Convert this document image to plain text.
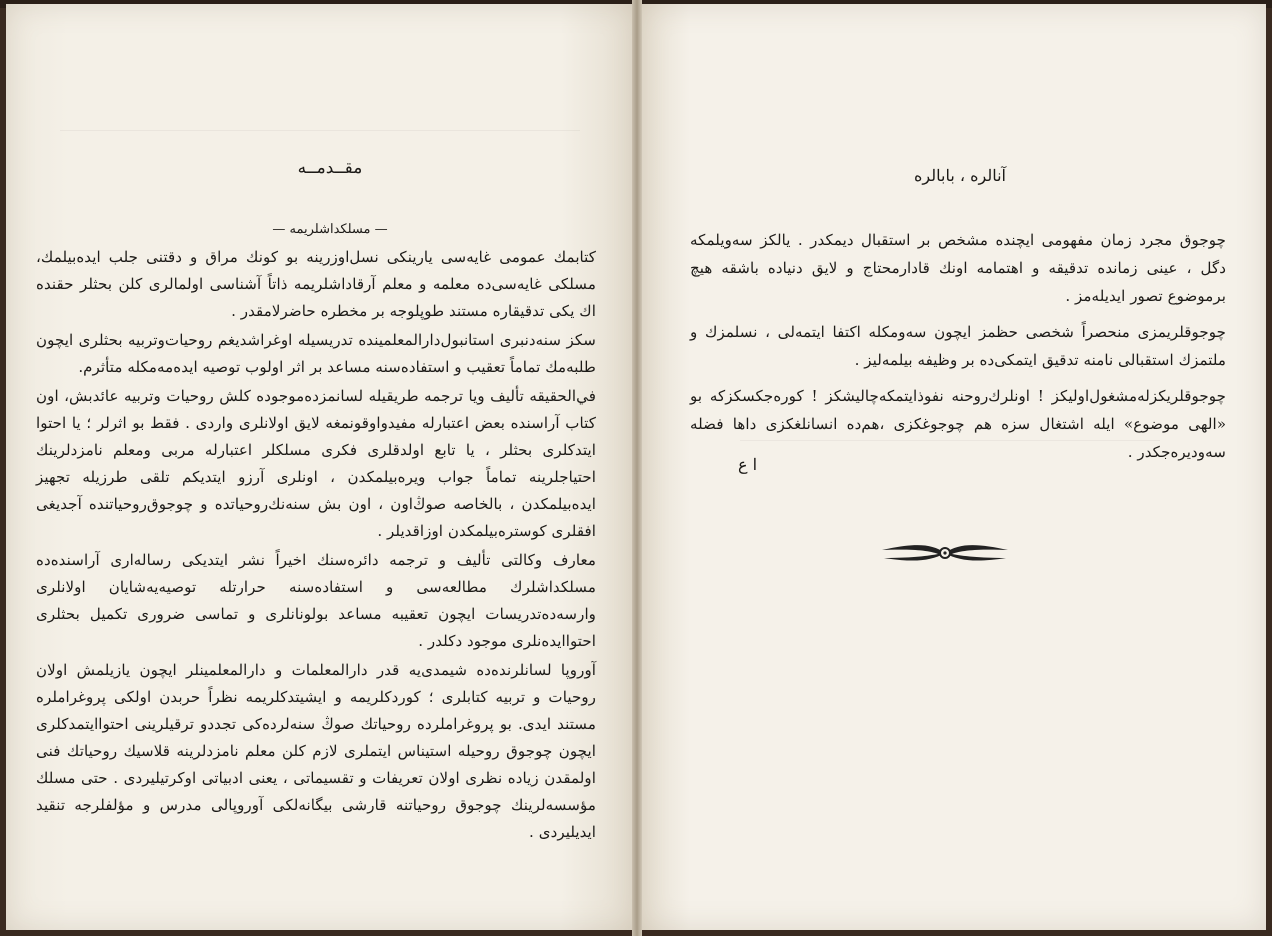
مقــدمــه
— مسلكداشلريمه —

كتابمك عمومى غايه‌سى يارينكى نسل‌اوزرينه بو كونك مراق و دقتنى جلب ايده‌بيلمك، مسلكى غايه‌سى‌ده معلمه و معلم آرقاداشلريمه ذاتاً آشناسى اولمالرى كلن بحثلر حقنده اك يكى تدقيقاره مستند طوپلوجه بر مخطره حاضرلامقدر .

سكز سنه‌دنبرى استانبول‌دارالمعلمينده تدريسيله اوغراشديغم روحيات‌وتربيه بحثلرى ايچون طلبه‌مك تماماً تعقيب و استفاده‌سنه مساعد بر اثر اولوب توصيه ايده‌مه‌مكله متأثرم.

في‌الحقيقه تأليف ويا ترجمه طريقيله لسانمزده‌موجوده كلش روحيات وتربيه عائدبش، اون كتاب آراسنده بعض اعتبارله مفيد‌واوقونمغه لايق اولانلرى واردى . فقط بو اثرلر ؛ يا احتوا ايتدكلرى بحثلر ، يا تابع اولدقلرى فكرى مسلكلر اعتبارله مربى ومعلم نامزدلرينك احتياجلرينه تماماً جواب ويره‌بيلمكدن ، اونلرى آرزو ايتديكم تلقى طرزيله تجهيز ايده‌بيلمكدن ، بالخاصه صوڭ‌اون ، اون بش سنه‌نك‌روحياتده و چوجوق‌روحياتنده آجديغى افقلرى كوسترە‌بيلمكدن اوزاقديلر .

معارف وكالتى تأليف و ترجمه دائره‌سنك اخيراً نشر ايتديكى رساله‌ارى آراسنده‌ده مسلكداشلرك مطالعه‌سى و استفاده‌سنه حرارتله توصيه‌يه‌شايان اولانلرى وارسه‌ده‌تدريسات ايچون تعقيبه مساعد بولونانلرى و تماسى ضرورى تكميل بحثلرى احتوا‌ايده‌نلرى موجود دكلدر .

آوروپا لسانلرنده‌ده شيمدى‌يه قدر دارالمعلمات و دارالمعلمينلر ايچون يازيلمش اولان روحيات و تربيه كتابلرى ؛ كوردكلريمه و ايشيتدكلريمه نظراً حربدن اولكى پروغراملره مستند ايدى. بو پروغراملرده روحياتك صوڭ سنه‌لرده‌كى تجددو ترقيلرينى احتوا‌ايتمدكلرى ايچون چوجوق روحيله استيناس ايتملرى لازم كلن معلم نامزدلرينه قلاسيك روحياتك فنى اولمقدن زياده نظرى اولان تعريفات و تقسيماتى ، يعنى ادبياتى اوكرتيليردى . حتى مسلك مؤسسه‌لرينك چوجوق روحياتنه قارشى بيگانه‌لكى آوروپالى مدرس و مؤلفلرجه تنقيد ايديليردى .

آنالره ، بابالره

چوجوق مجرد زمان مفهومى ايچنده مشخص بر استقبال ديمكدر . يالكز سه‌ويلمكه دگل ، عينى زمانده تدقيقه و اهتمامه اونك قادار‌محتاج و لايق دنياده باشقه هيچ برموضوع تصور ايديله‌مز .

چوجوقلريمزى منحصراً شخصى حظمز ايچون سه‌ومكله اكتفا ايتمه‌لى ، نسلمزك و ملتمزك استقبالى نامنه تدقيق ايتمكى‌ده بر وظيفه بيلمه‌ليز .

چوجوقلريكزله‌مشغول‌اوليكز ! اونلرك‌روحنه نفوذايتمكه‌چاليشكز ! كوره‌جكسكزكه بو «الهى موضوع» ايله اشتغال سزه هم چوجوغكزى ،هم‌ده انسانلغكزى داها فضله سه‌وديره‌جكدر .

ا ع
